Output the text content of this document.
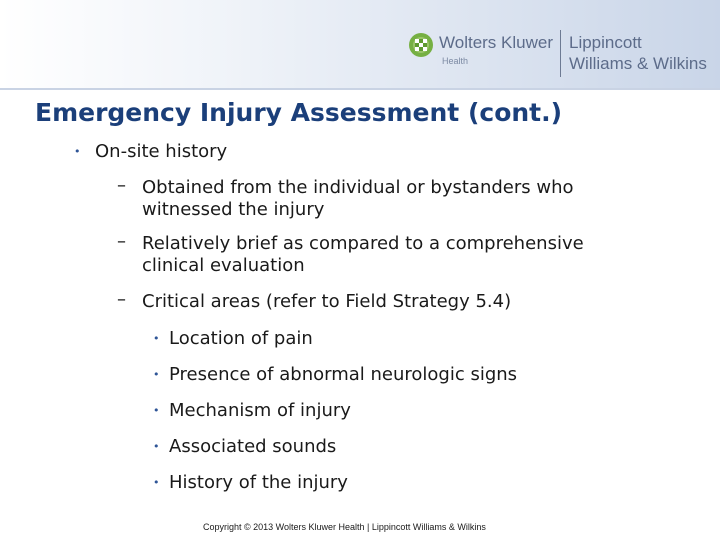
Wolters Kluwer
Health
Lippincott
Williams & Wilkins
Emergency Injury Assessment (cont.)
• On-site history
– Obtained from the individual or bystanders who
witnessed the injury
– Relatively brief as compared to a comprehensive
clinical evaluation
– Critical areas (refer to Field Strategy 5.4)
• Location of pain
• Presence of abnormal neurologic signs
• Mechanism of injury
• Associated sounds
• History of the injury
Copyright © 2013 Wolters Kluwer Health | Lippincott Williams & Wilkins
